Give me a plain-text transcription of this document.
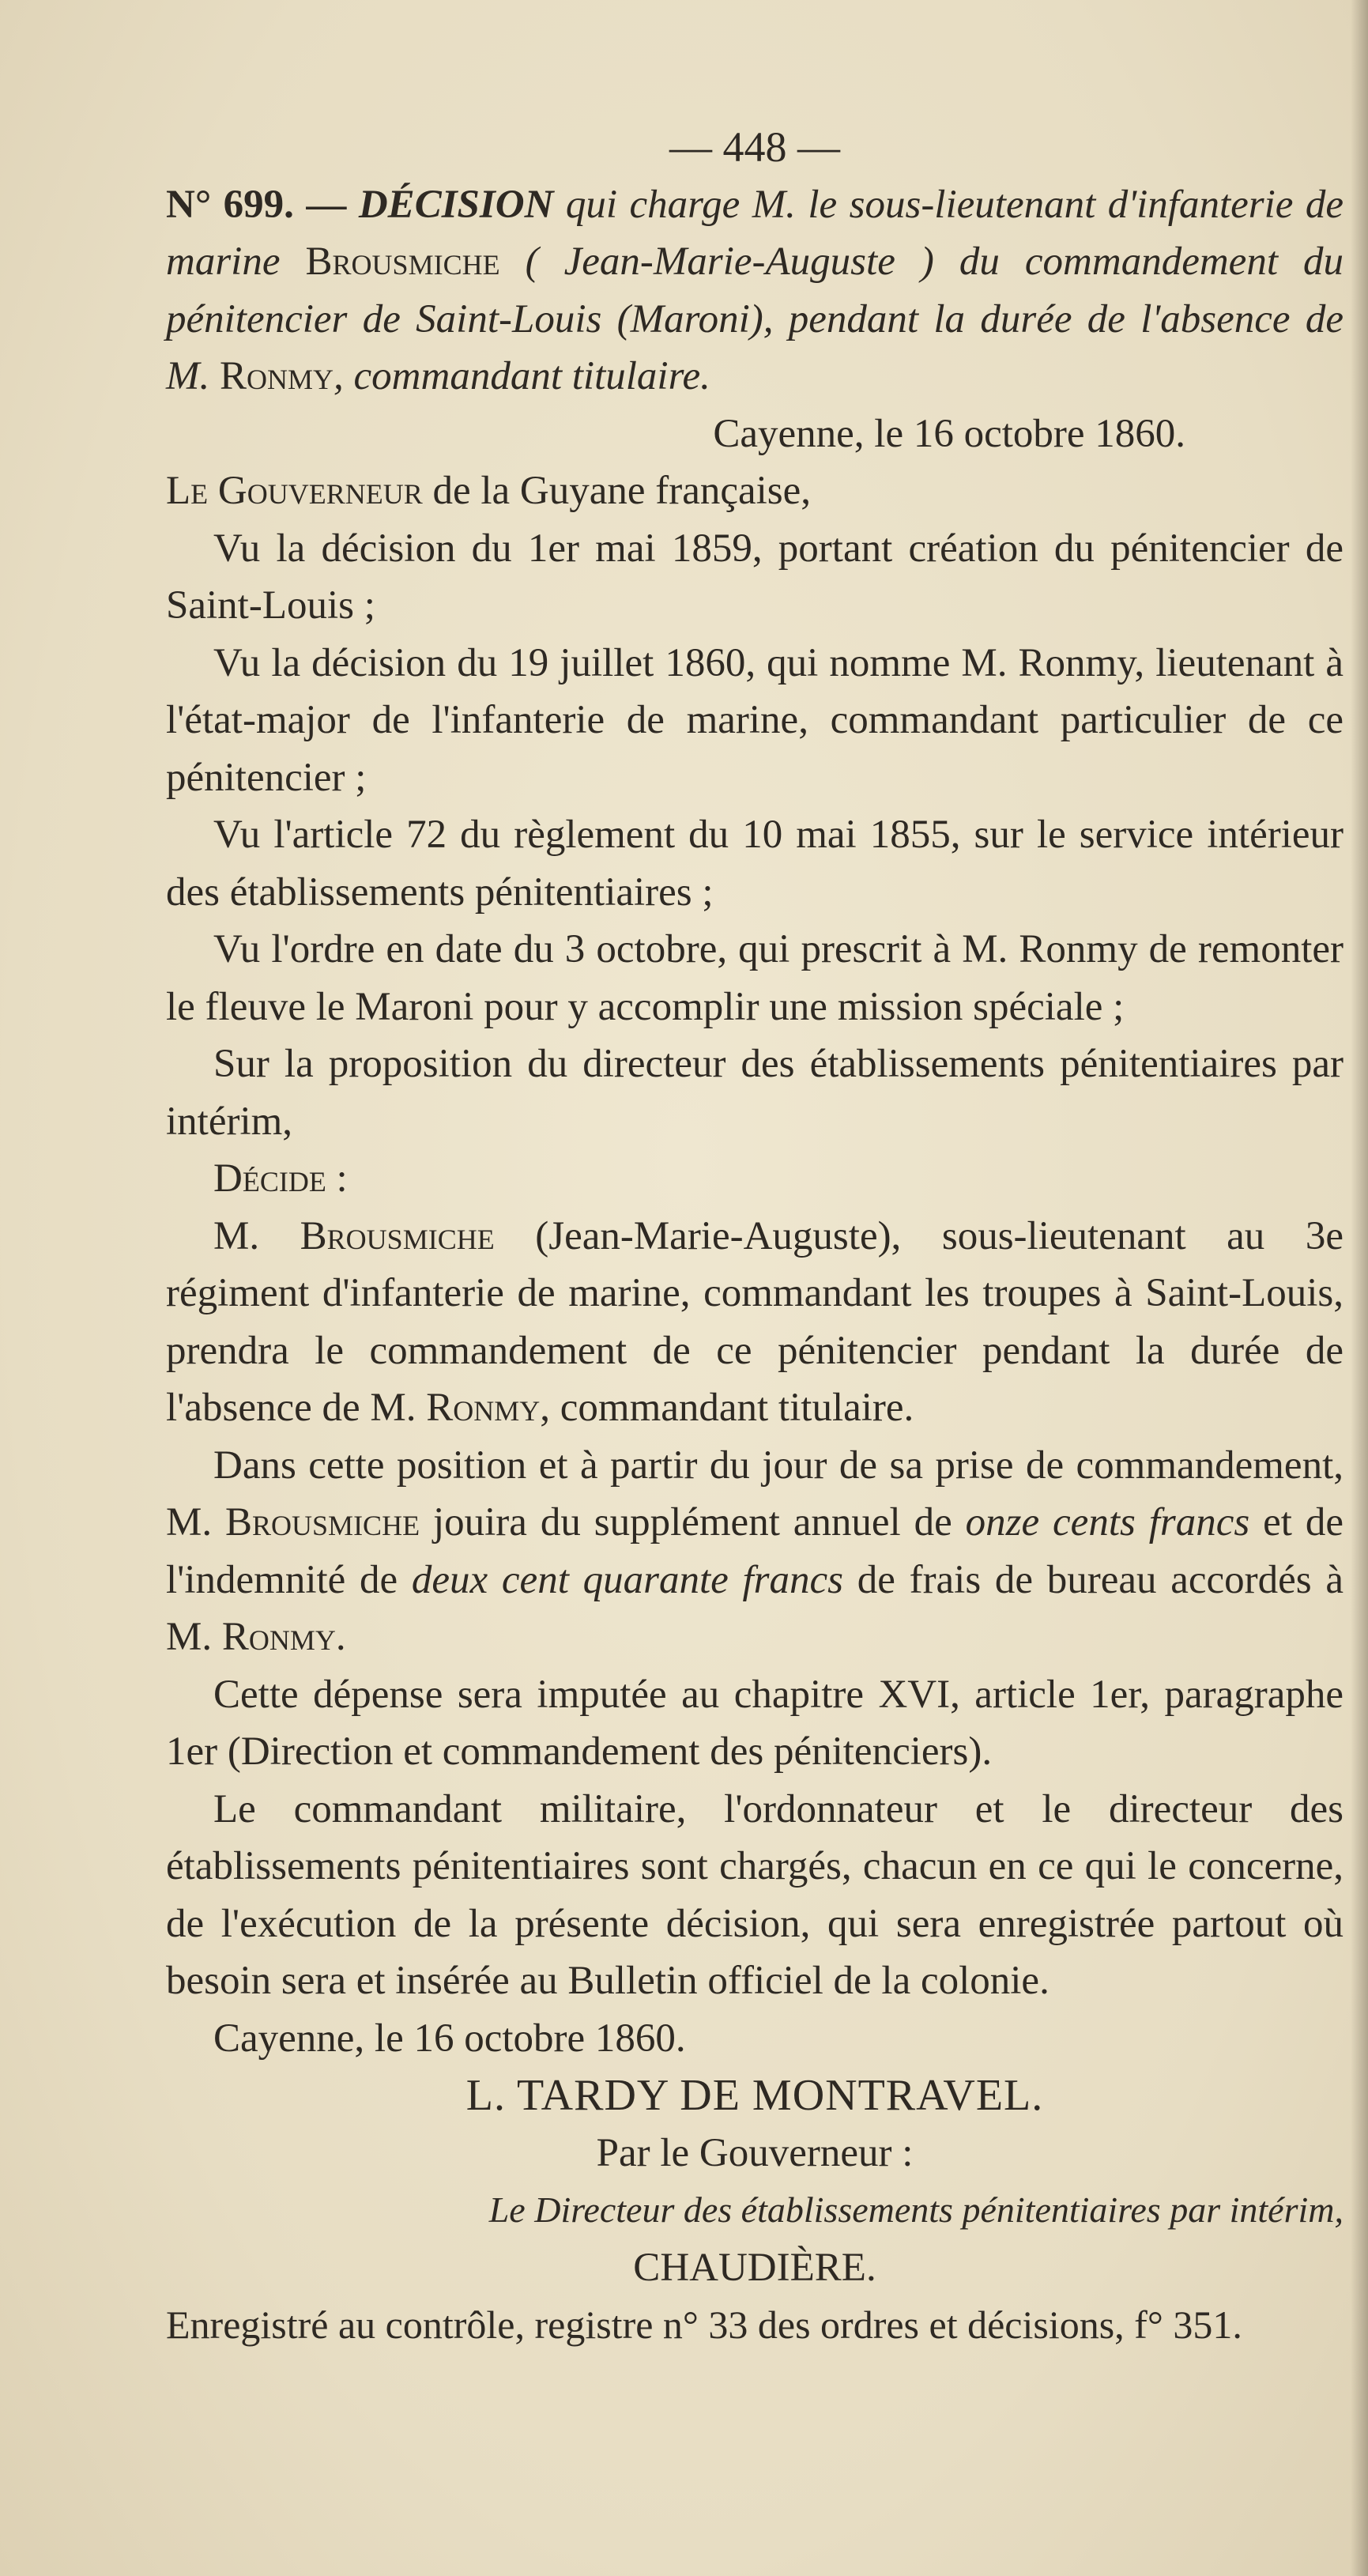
— 448 —

N° 699. — DÉCISION qui charge M. le sous-lieutenant d'infanterie de marine Brousmiche ( Jean-Marie-Auguste ) du commandement du pénitencier de Saint-Louis (Maroni), pendant la durée de l'absence de M. Ronmy, commandant titulaire.

Cayenne, le 16 octobre 1860.

Le Gouverneur de la Guyane française,

Vu la décision du 1er mai 1859, portant création du pénitencier de Saint-Louis ;

Vu la décision du 19 juillet 1860, qui nomme M. Ronmy, lieutenant à l'état-major de l'infanterie de marine, commandant particulier de ce pénitencier ;

Vu l'article 72 du règlement du 10 mai 1855, sur le service intérieur des établissements pénitentiaires ;

Vu l'ordre en date du 3 octobre, qui prescrit à M. Ronmy de remonter le fleuve le Maroni pour y accomplir une mission spéciale ;

Sur la proposition du directeur des établissements pénitentiaires par intérim,

Décide :

M. Brousmiche (Jean-Marie-Auguste), sous-lieutenant au 3e régiment d'infanterie de marine, commandant les troupes à Saint-Louis, prendra le commandement de ce pénitencier pendant la durée de l'absence de M. Ronmy, commandant titulaire.

Dans cette position et à partir du jour de sa prise de commandement, M. Brousmiche jouira du supplément annuel de onze cents francs et de l'indemnité de deux cent quarante francs de frais de bureau accordés à M. Ronmy.

Cette dépense sera imputée au chapitre XVI, article 1er, paragraphe 1er (Direction et commandement des pénitenciers).

Le commandant militaire, l'ordonnateur et le directeur des établissements pénitentiaires sont chargés, chacun en ce qui le concerne, de l'exécution de la présente décision, qui sera enregistrée partout où besoin sera et insérée au Bulletin officiel de la colonie.

Cayenne, le 16 octobre 1860.

L. TARDY DE MONTRAVEL.

Par le Gouverneur :

Le Directeur des établissements pénitentiaires par intérim,

CHAUDIÈRE.

Enregistré au contrôle, registre n° 33 des ordres et décisions, f° 351.
